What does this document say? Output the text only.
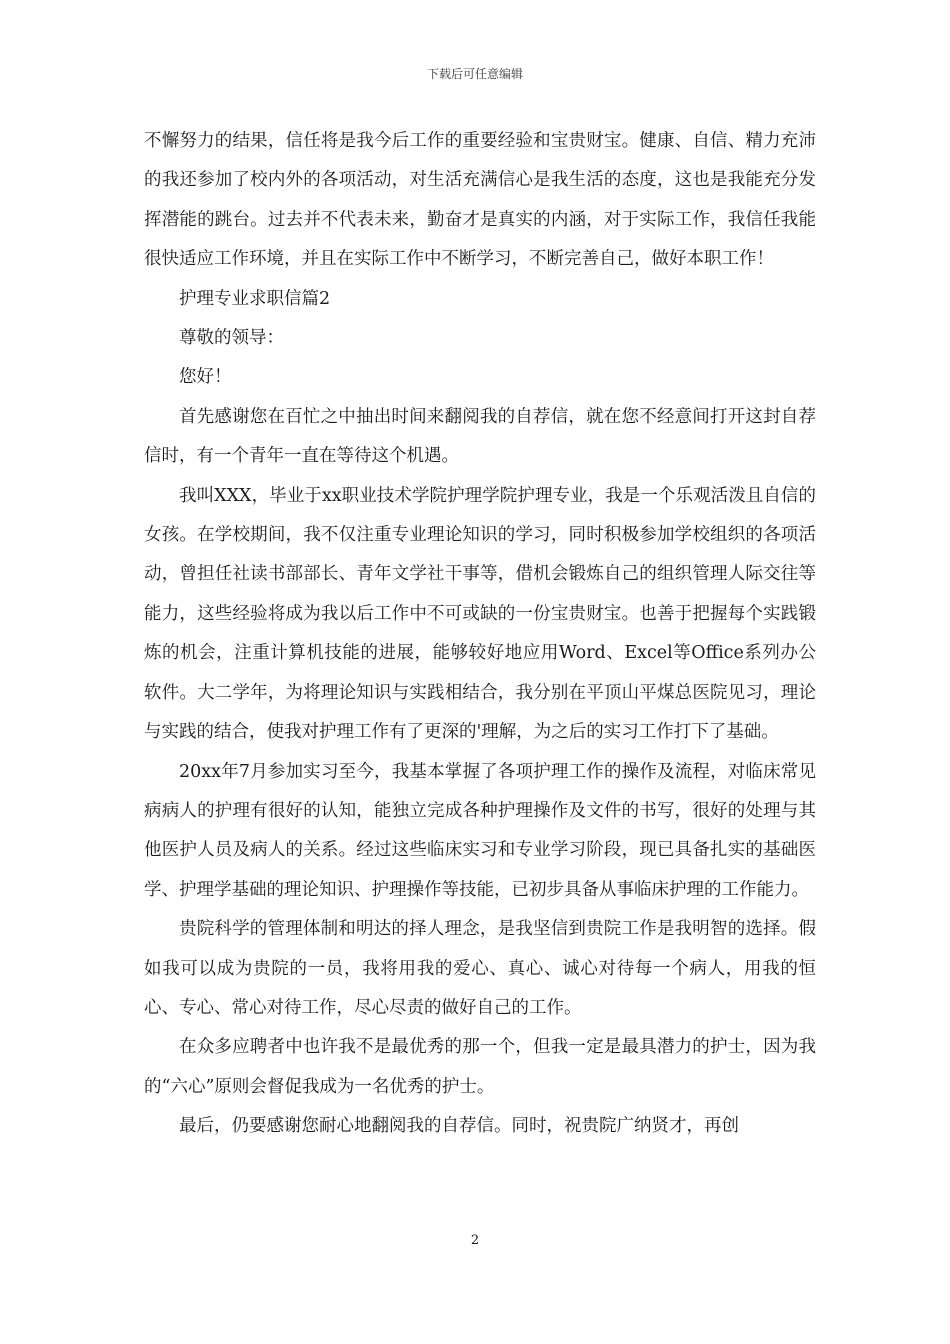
下载后可任意编辑

不懈努力的结果，信任将是我今后工作的重要经验和宝贵财宝。健康、自信、精力充沛的我还参加了校内外的各项活动，对生活充满信心是我生活的态度，这也是我能充分发挥潜能的跳台。过去并不代表未来，勤奋才是真实的内涵，对于实际工作，我信任我能很快适应工作环境，并且在实际工作中不断学习，不断完善自己，做好本职工作！

护理专业求职信篇2

尊敬的领导：

您好！

首先感谢您在百忙之中抽出时间来翻阅我的自荐信，就在您不经意间打开这封自荐信时，有一个青年一直在等待这个机遇。

我叫XXX，毕业于xx职业技术学院护理学院护理专业，我是一个乐观活泼且自信的女孩。在学校期间，我不仅注重专业理论知识的学习，同时积极参加学校组织的各项活动，曾担任社读书部部长、青年文学社干事等，借机会锻炼自己的组织管理人际交往等能力，这些经验将成为我以后工作中不可或缺的一份宝贵财宝。也善于把握每个实践锻炼的机会，注重计算机技能的进展，能够较好地应用Word、Excel等Office系列办公软件。大二学年，为将理论知识与实践相结合，我分别在平顶山平煤总医院见习，理论与实践的结合，使我对护理工作有了更深的'理解，为之后的实习工作打下了基础。

20xx年7月参加实习至今，我基本掌握了各项护理工作的操作及流程，对临床常见病病人的护理有很好的认知，能独立完成各种护理操作及文件的书写，很好的处理与其他医护人员及病人的关系。经过这些临床实习和专业学习阶段，现已具备扎实的基础医学、护理学基础的理论知识、护理操作等技能，已初步具备从事临床护理的工作能力。

贵院科学的管理体制和明达的择人理念，是我坚信到贵院工作是我明智的选择。假如我可以成为贵院的一员，我将用我的爱心、真心、诚心对待每一个病人，用我的恒心、专心、常心对待工作，尽心尽责的做好自己的工作。

在众多应聘者中也许我不是最优秀的那一个，但我一定是最具潜力的护士，因为我的“六心”原则会督促我成为一名优秀的护士。

最后，仍要感谢您耐心地翻阅我的自荐信。同时，祝贵院广纳贤才，再创

2
